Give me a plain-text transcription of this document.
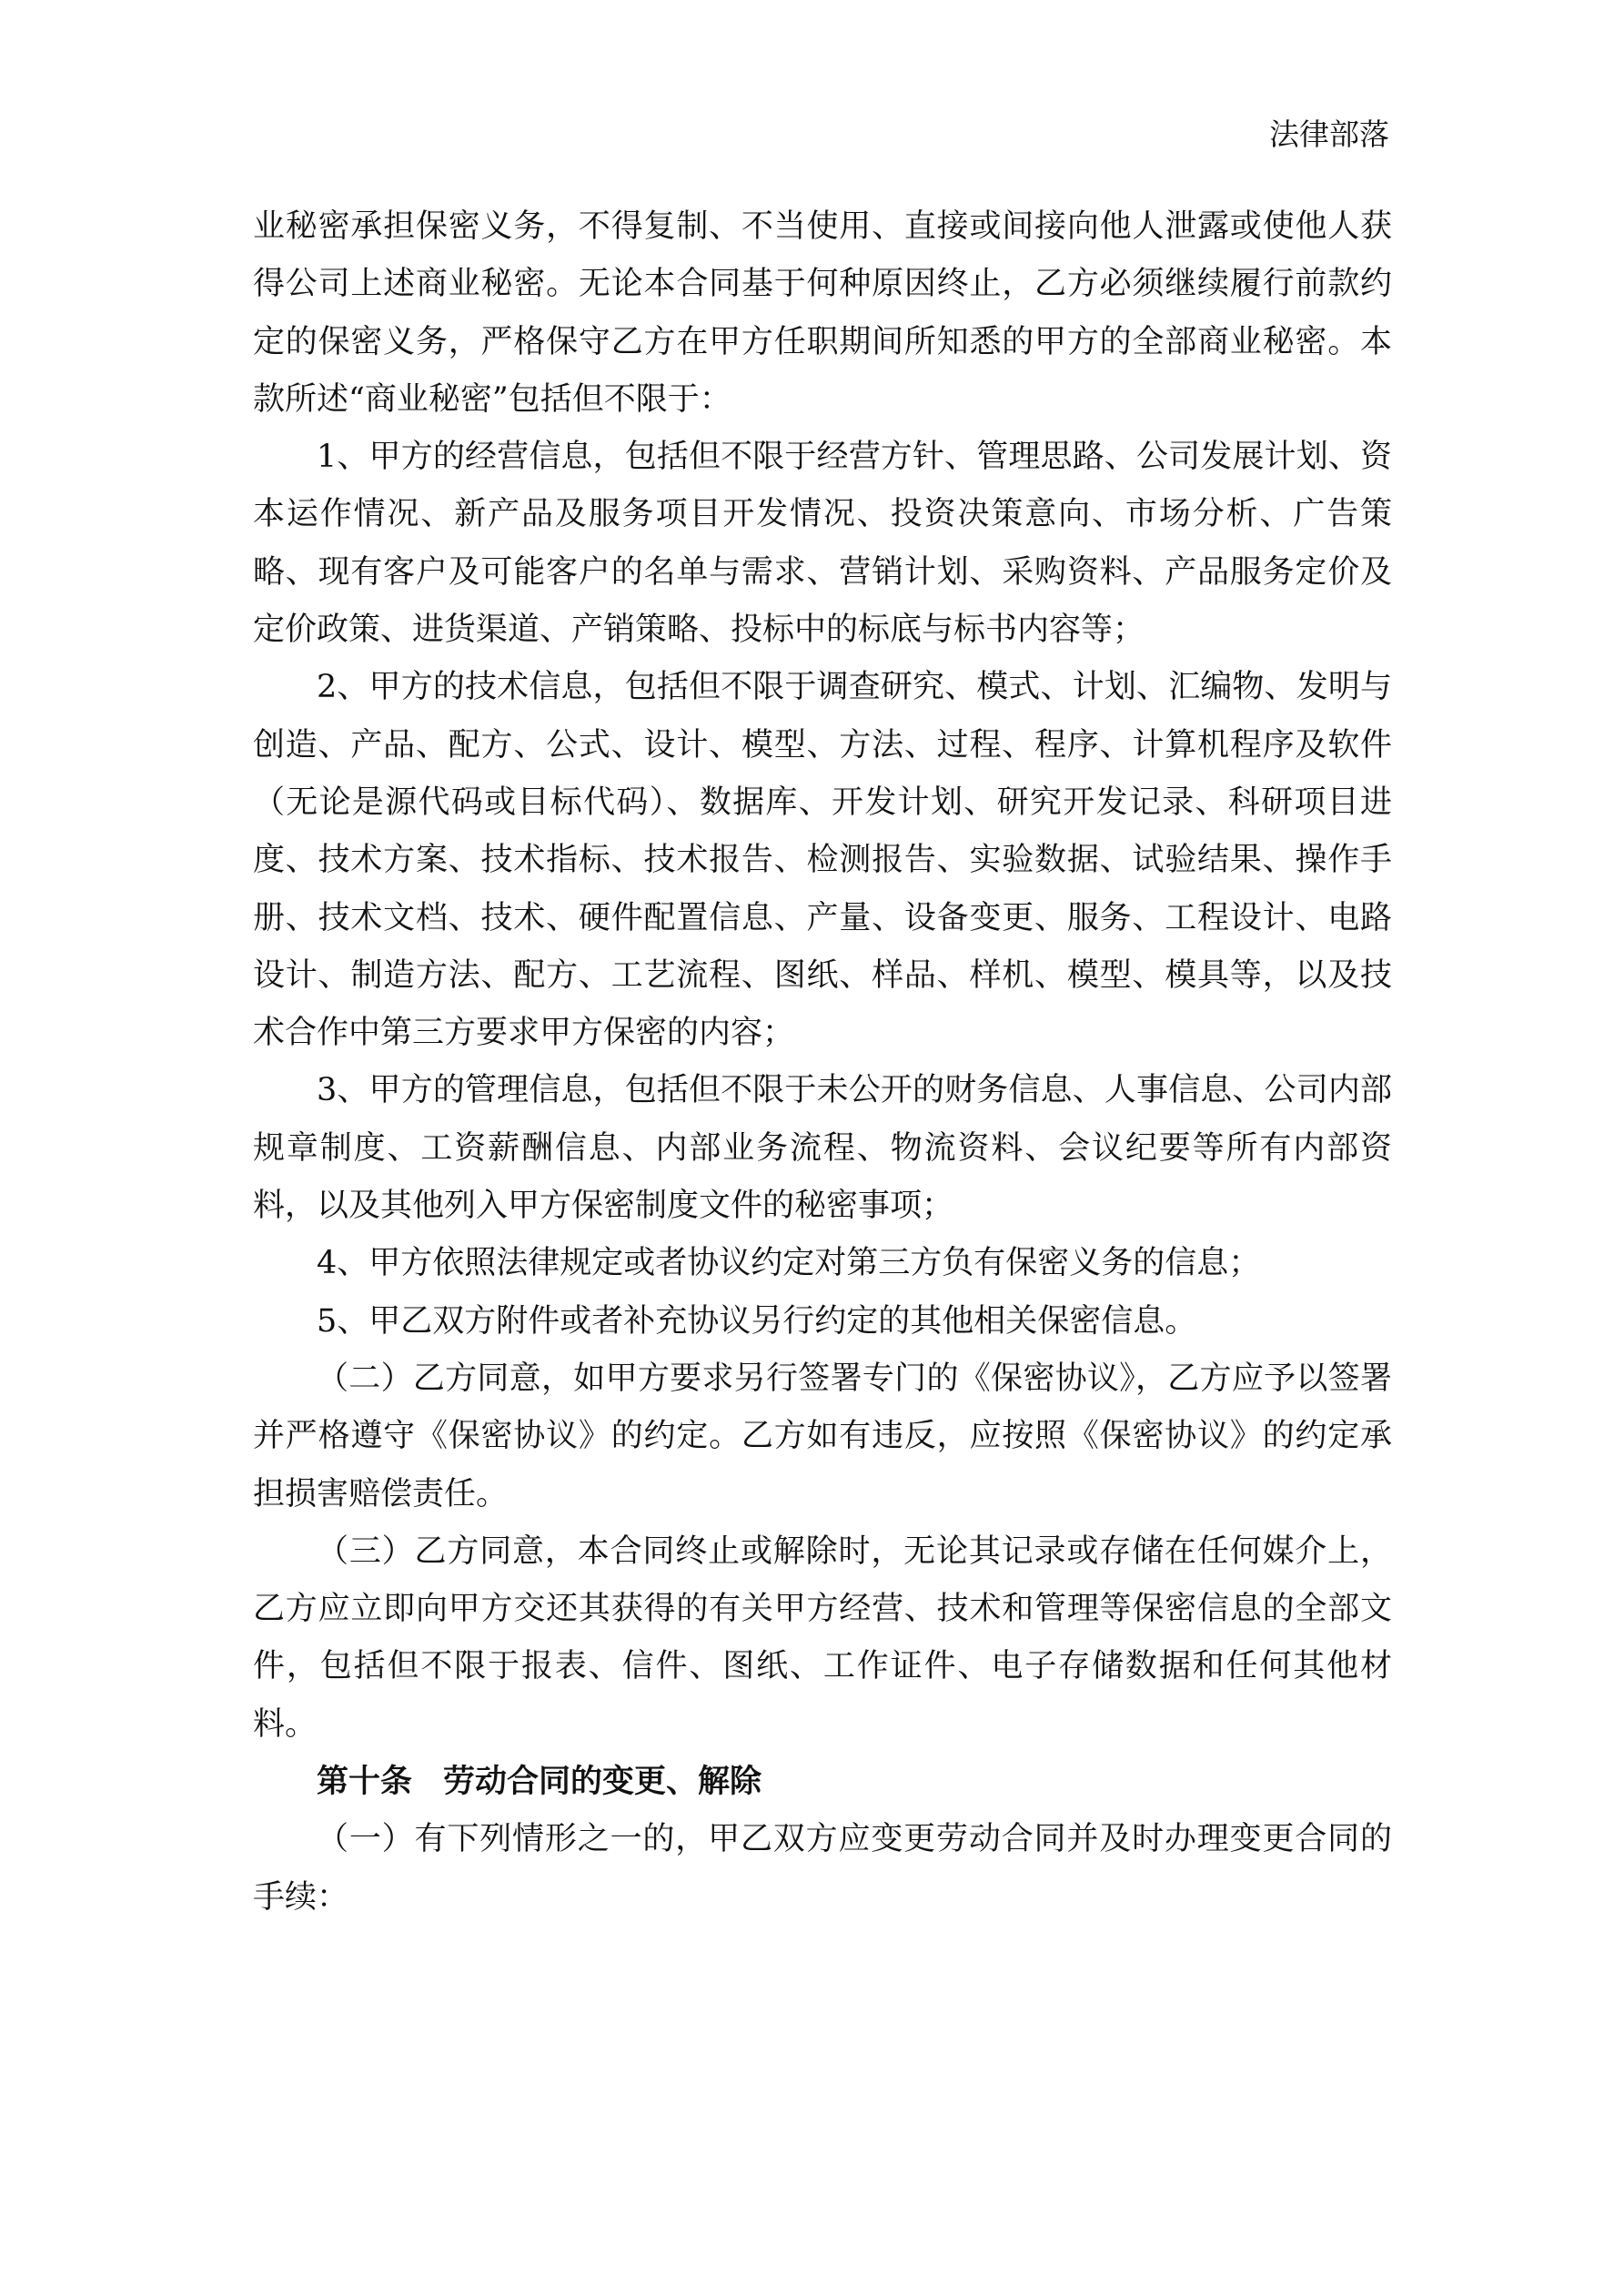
法律部落

业秘密承担保密义务，不得复制、不当使用、直接或间接向他人泄露或使他人获得公司上述商业秘密。无论本合同基于何种原因终止，乙方必须继续履行前款约定的保密义务，严格保守乙方在甲方任职期间所知悉的甲方的全部商业秘密。本款所述“商业秘密”包括但不限于：

1、甲方的经营信息，包括但不限于经营方针、管理思路、公司发展计划、资本运作情况、新产品及服务项目开发情况、投资决策意向、市场分析、广告策略、现有客户及可能客户的名单与需求、营销计划、采购资料、产品服务定价及定价政策、进货渠道、产销策略、投标中的标底与标书内容等；

2、甲方的技术信息，包括但不限于调查研究、模式、计划、汇编物、发明与创造、产品、配方、公式、设计、模型、方法、过程、程序、计算机程序及软件（无论是源代码或目标代码）、数据库、开发计划、研究开发记录、科研项目进度、技术方案、技术指标、技术报告、检测报告、实验数据、试验结果、操作手册、技术文档、技术、硬件配置信息、产量、设备变更、服务、工程设计、电路设计、制造方法、配方、工艺流程、图纸、样品、样机、模型、模具等，以及技术合作中第三方要求甲方保密的内容；

3、甲方的管理信息，包括但不限于未公开的财务信息、人事信息、公司内部规章制度、工资薪酬信息、内部业务流程、物流资料、会议纪要等所有内部资料，以及其他列入甲方保密制度文件的秘密事项；

4、甲方依照法律规定或者协议约定对第三方负有保密义务的信息；

5、甲乙双方附件或者补充协议另行约定的其他相关保密信息。

（二）乙方同意，如甲方要求另行签署专门的《保密协议》，乙方应予以签署并严格遵守《保密协议》的约定。乙方如有违反，应按照《保密协议》的约定承担损害赔偿责任。

（三）乙方同意，本合同终止或解除时，无论其记录或存储在任何媒介上，乙方应立即向甲方交还其获得的有关甲方经营、技术和管理等保密信息的全部文件，包括但不限于报表、信件、图纸、工作证件、电子存储数据和任何其他材料。

第十条 劳动合同的变更、解除

（一）有下列情形之一的，甲乙双方应变更劳动合同并及时办理变更合同的手续：
